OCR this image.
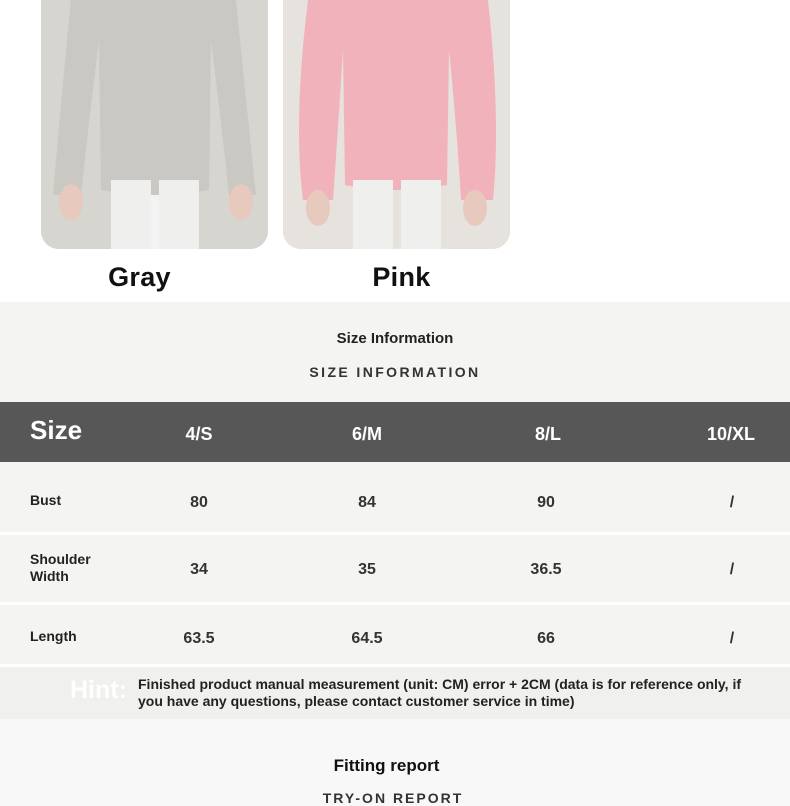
Gray	Pink
Size Information
SIZE INFORMATION
Size	4/S	6/M	8/L	10/XL
Bust	80	84	90	/
Shoulder
Width	34	35	36.5	/
Length	63.5	64.5	66	/
Hint: Finished product manual measurement (unit: CM) error + 2CM (data is for reference only, if you have any questions, please contact customer service in time)
Fitting report
TRY-ON REPORT
